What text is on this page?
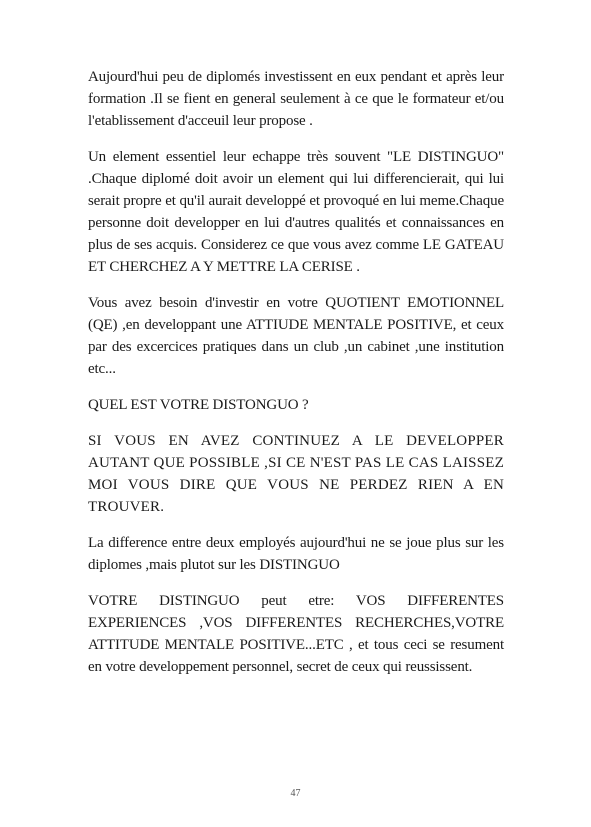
Aujourd'hui peu de diplomés investissent en eux pendant et après leur formation .Il se fient en general seulement à ce que le formateur et/ou l'etablissement d'acceuil leur propose .

Un element essentiel leur echappe très souvent "LE DISTINGUO" .Chaque diplomé doit avoir un element qui lui differencierait, qui lui serait propre et qu'il aurait developpé et provoqué en lui meme.Chaque personne doit developper en lui d'autres qualités et connaissances en plus de ses acquis. Considerez ce que vous avez comme LE GATEAU ET CHERCHEZ A Y METTRE LA CERISE .

Vous avez besoin d'investir en votre QUOTIENT EMOTIONNEL (QE) ,en developpant une ATTIUDE MENTALE POSITIVE, et ceux par des excercices pratiques dans un club ,un cabinet ,une institution etc...

QUEL EST VOTRE DISTONGUO ?

SI VOUS EN AVEZ CONTINUEZ A LE DEVELOPPER AUTANT QUE POSSIBLE ,SI CE N'EST PAS LE CAS LAISSEZ MOI VOUS DIRE QUE VOUS NE PERDEZ RIEN A EN TROUVER.

La difference entre deux employés aujourd'hui ne se joue plus sur les diplomes ,mais plutot sur les DISTINGUO

VOTRE DISTINGUO peut etre: VOS DIFFERENTES EXPERIENCES ,VOS DIFFERENTES RECHERCHES,VOTRE ATTITUDE MENTALE POSITIVE...ETC , et tous ceci se resument en votre developpement personnel, secret de ceux qui reussissent.

47
